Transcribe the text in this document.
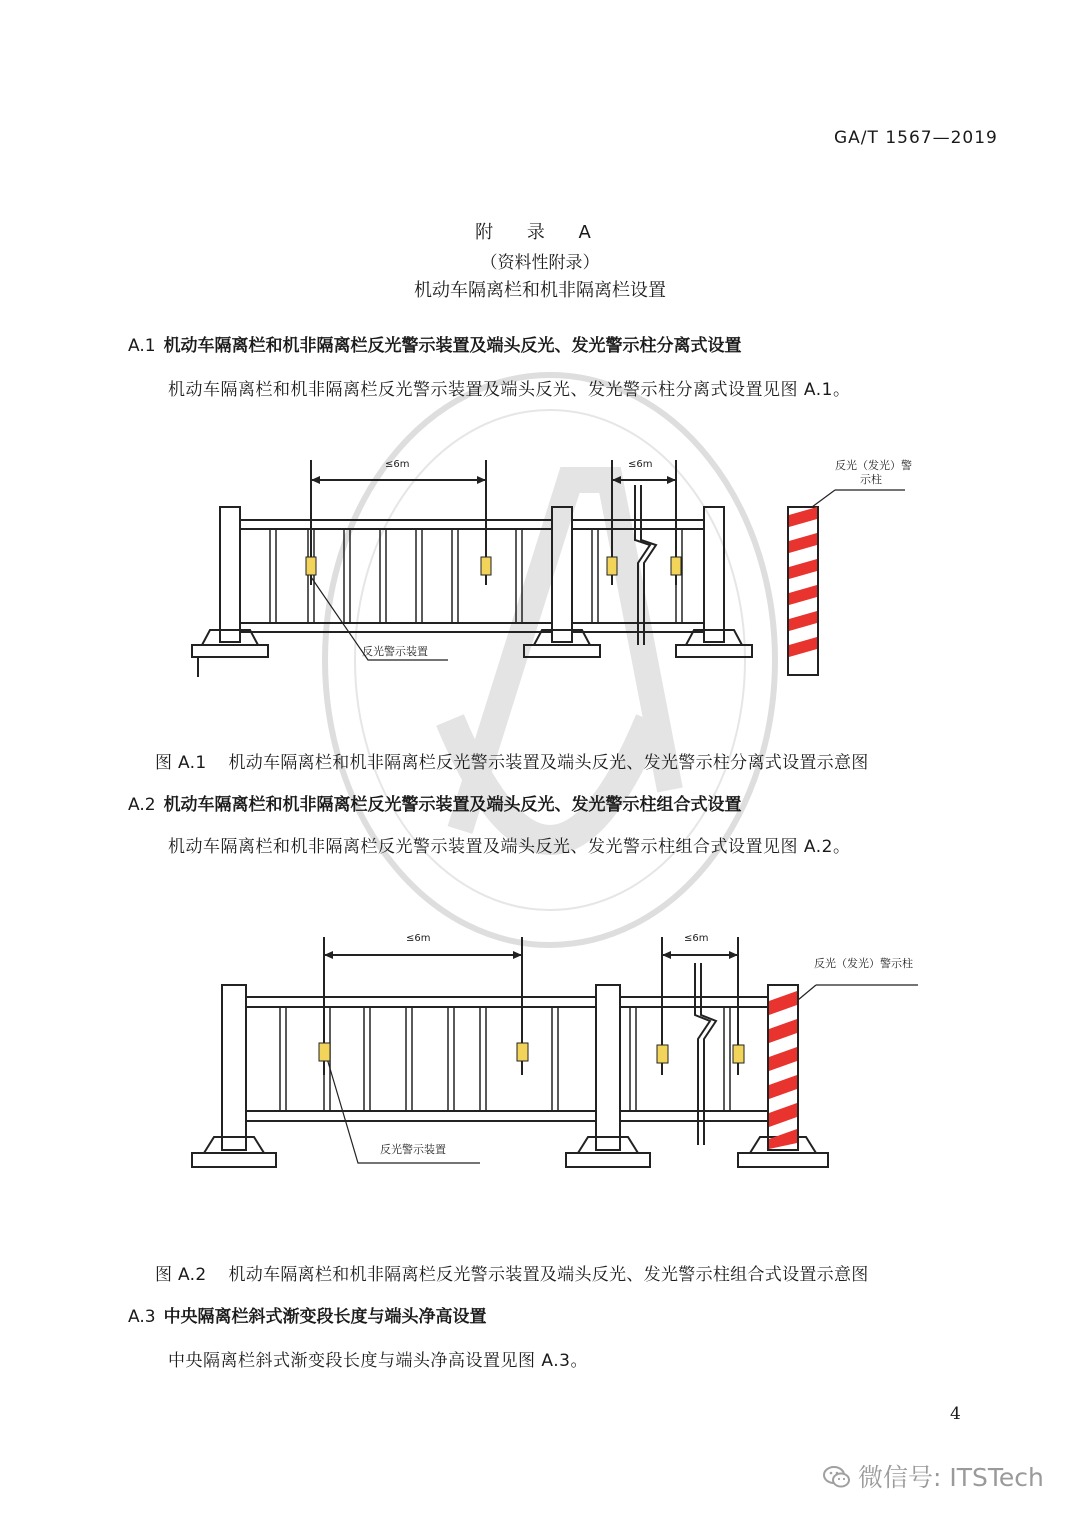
GA/T 1567—2019
附 录 A
（资料性附录）
机动车隔离栏和机非隔离栏设置
A.1 机动车隔离栏和机非隔离栏反光警示装置及端头反光、发光警示柱分离式设置
机动车隔离栏和机非隔离栏反光警示装置及端头反光、发光警示柱分离式设置见图 A.1。
≤6m	≤6m
反光警示装置
反光（发光）警
示柱
图 A.1 机动车隔离栏和机非隔离栏反光警示装置及端头反光、发光警示柱分离式设置示意图
A.2 机动车隔离栏和机非隔离栏反光警示装置及端头反光、发光警示柱组合式设置
机动车隔离栏和机非隔离栏反光警示装置及端头反光、发光警示柱组合式设置见图 A.2。
≤6m	≤6m
反光警示装置
反光（发光）警示柱
图 A.2 机动车隔离栏和机非隔离栏反光警示装置及端头反光、发光警示柱组合式设置示意图
A.3 中央隔离栏斜式渐变段长度与端头净高设置
中央隔离栏斜式渐变段长度与端头净高设置见图 A.3。
4
微信号: ITSTech
